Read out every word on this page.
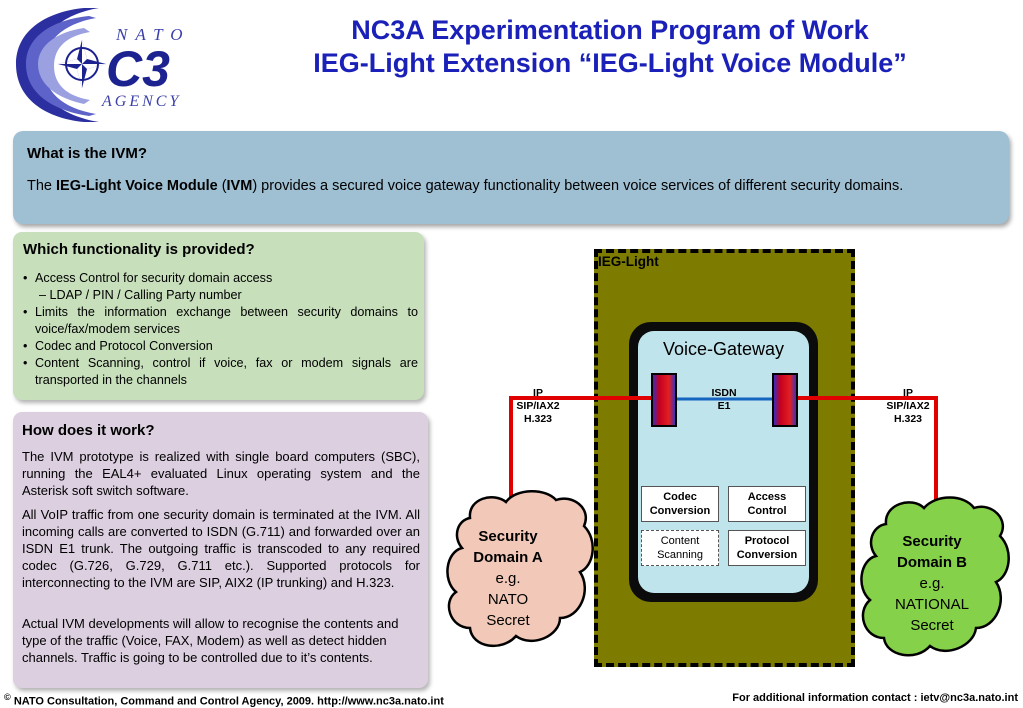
NATO
C3
AGENCY
NC3A Experimentation Program of Work
IEG-Light Extension “IEG-Light Voice Module”
What is the IVM?
The IEG-Light Voice Module (IVM) provides a secured voice gateway functionality between voice services of different security domains.
Which functionality is provided?
• Access Control for security domain access
– LDAP / PIN / Calling Party number
• Limits the information exchange between security domains to voice/fax/modem services
• Codec and Protocol Conversion
• Content Scanning, control if voice, fax or modem signals are transported in the channels
How does it work?
The IVM prototype is realized with single board computers (SBC), running the EAL4+ evaluated Linux operating system and the Asterisk soft switch software.
All VoIP traffic from one security domain is terminated at the IVM. All incoming calls are converted to ISDN (G.711) and forwarded over an ISDN E1 trunk. The outgoing traffic is transcoded to any required codec (G.726, G.729, G.711 etc.). Supported protocols for interconnecting to the IVM are SIP, AIX2 (IP trunking) and H.323.
Actual IVM developments will allow to recognise the contents and type of the traffic (Voice, FAX, Modem) as well as detect hidden channels. Traffic is going to be controlled due to it’s contents.
IEG-Light
Voice-Gateway
IP
SIP/IAX2
H.323
IP
SIP/IAX2
H.323
ISDN
E1
Codec Conversion
Access Control
Content Scanning
Protocol Conversion
Security
Domain A
e.g.
NATO
Secret
Security
Domain B
e.g.
NATIONAL
Secret
© NATO Consultation, Command and Control Agency, 2009. http://www.nc3a.nato.int	For additional information contact : ietv@nc3a.nato.int
